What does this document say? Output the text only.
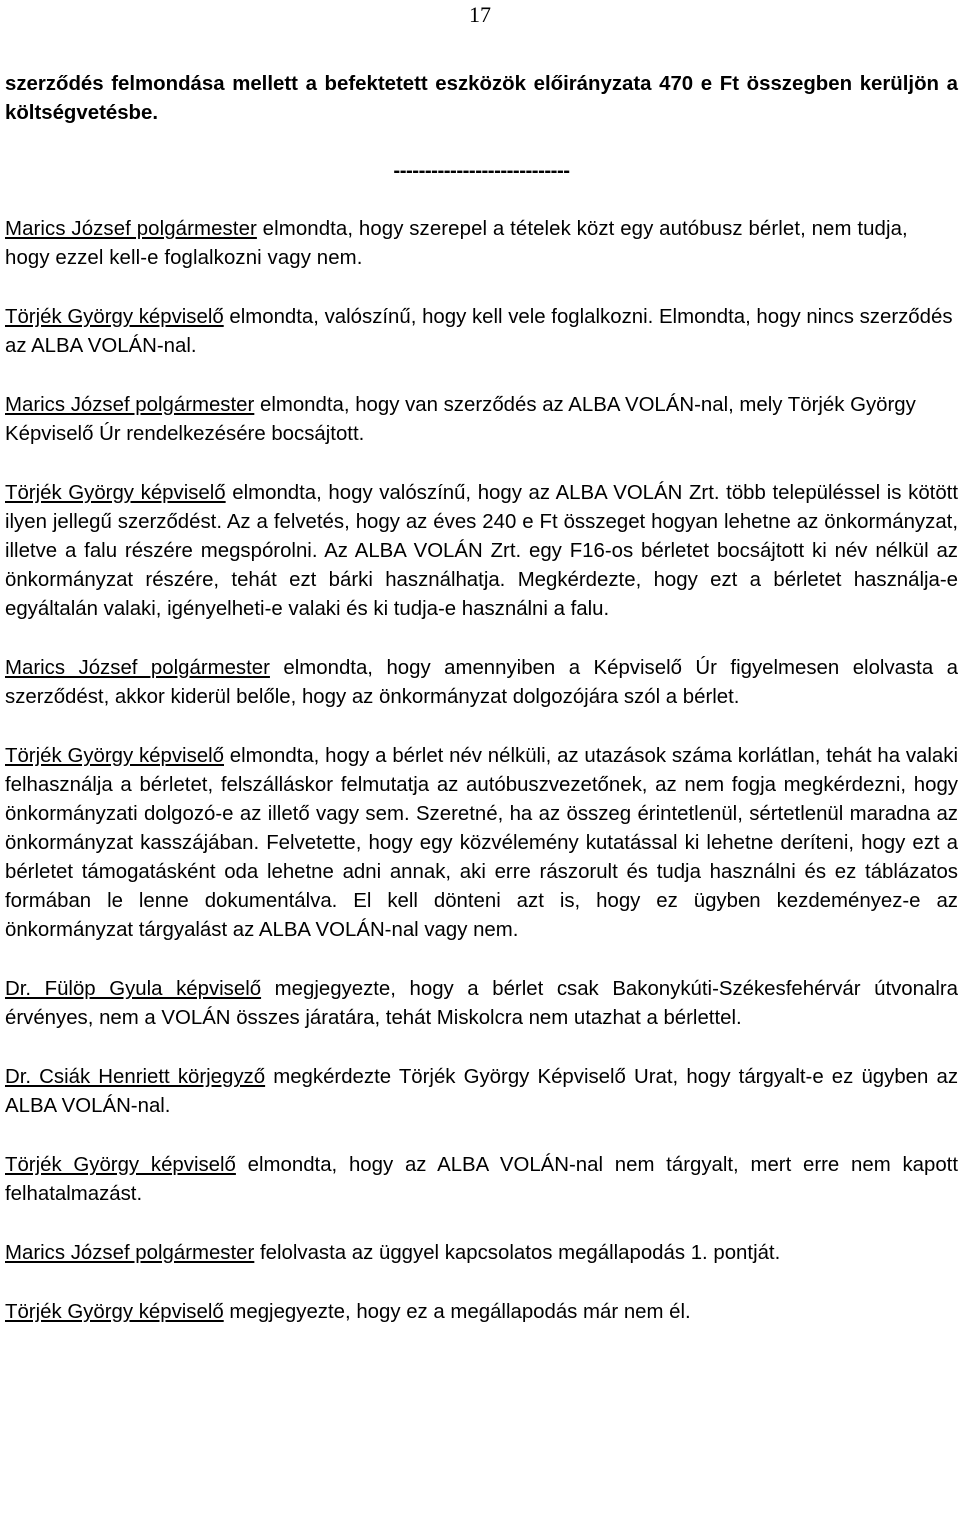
17

szerződés felmondása mellett a befektetett eszközök előirányzata 470 e Ft összegben kerüljön a költségvetésbe.

----------------------------

Marics József polgármester elmondta, hogy szerepel a tételek közt egy autóbusz bérlet, nem tudja, hogy ezzel kell-e foglalkozni vagy nem.

Törjék György képviselő elmondta, valószínű, hogy kell vele foglalkozni. Elmondta, hogy nincs szerződés az ALBA VOLÁN-nal.

Marics József polgármester elmondta, hogy van szerződés az ALBA VOLÁN-nal, mely Törjék György Képviselő Úr rendelkezésére bocsájtott.

Törjék György képviselő elmondta, hogy valószínű, hogy az ALBA VOLÁN Zrt. több településsel is kötött ilyen jellegű szerződést. Az a felvetés, hogy az éves 240 e Ft összeget hogyan lehetne az önkormányzat, illetve a falu részére megspórolni. Az ALBA VOLÁN Zrt. egy F16-os bérletet bocsájtott ki név nélkül az önkormányzat részére, tehát ezt bárki használhatja. Megkérdezte, hogy ezt a bérletet használja-e egyáltalán valaki, igényelheti-e valaki és ki tudja-e használni a falu.

Marics József polgármester elmondta, hogy amennyiben a Képviselő Úr figyelmesen elolvasta a szerződést, akkor kiderül belőle, hogy az önkormányzat dolgozójára szól a bérlet.

Törjék György képviselő elmondta, hogy a bérlet név nélküli, az utazások száma korlátlan, tehát ha valaki felhasználja a bérletet, felszálláskor felmutatja az autóbuszvezetőnek, az nem fogja megkérdezni, hogy önkormányzati dolgozó-e az illető vagy sem. Szeretné, ha az összeg érintetlenül, sértetlenül maradna az önkormányzat kasszájában. Felvetette, hogy egy közvélemény kutatással ki lehetne deríteni, hogy ezt a bérletet támogatásként oda lehetne adni annak, aki erre rászorult és tudja használni és ez táblázatos formában le lenne dokumentálva. El kell dönteni azt is, hogy ez ügyben kezdeményez-e az önkormányzat tárgyalást az ALBA VOLÁN-nal vagy nem.

Dr. Fülöp Gyula képviselő megjegyezte, hogy a bérlet csak Bakonykúti-Székesfehérvár útvonalra érvényes, nem a VOLÁN összes járatára, tehát Miskolcra nem utazhat a bérlettel.

Dr. Csiák Henriett körjegyző megkérdezte Törjék György Képviselő Urat, hogy tárgyalt-e ez ügyben az ALBA VOLÁN-nal.

Törjék György képviselő elmondta, hogy az ALBA VOLÁN-nal nem tárgyalt, mert erre nem kapott felhatalmazást.

Marics József polgármester felolvasta az üggyel kapcsolatos megállapodás 1. pontját.

Törjék György képviselő megjegyezte, hogy ez a megállapodás már nem él.
